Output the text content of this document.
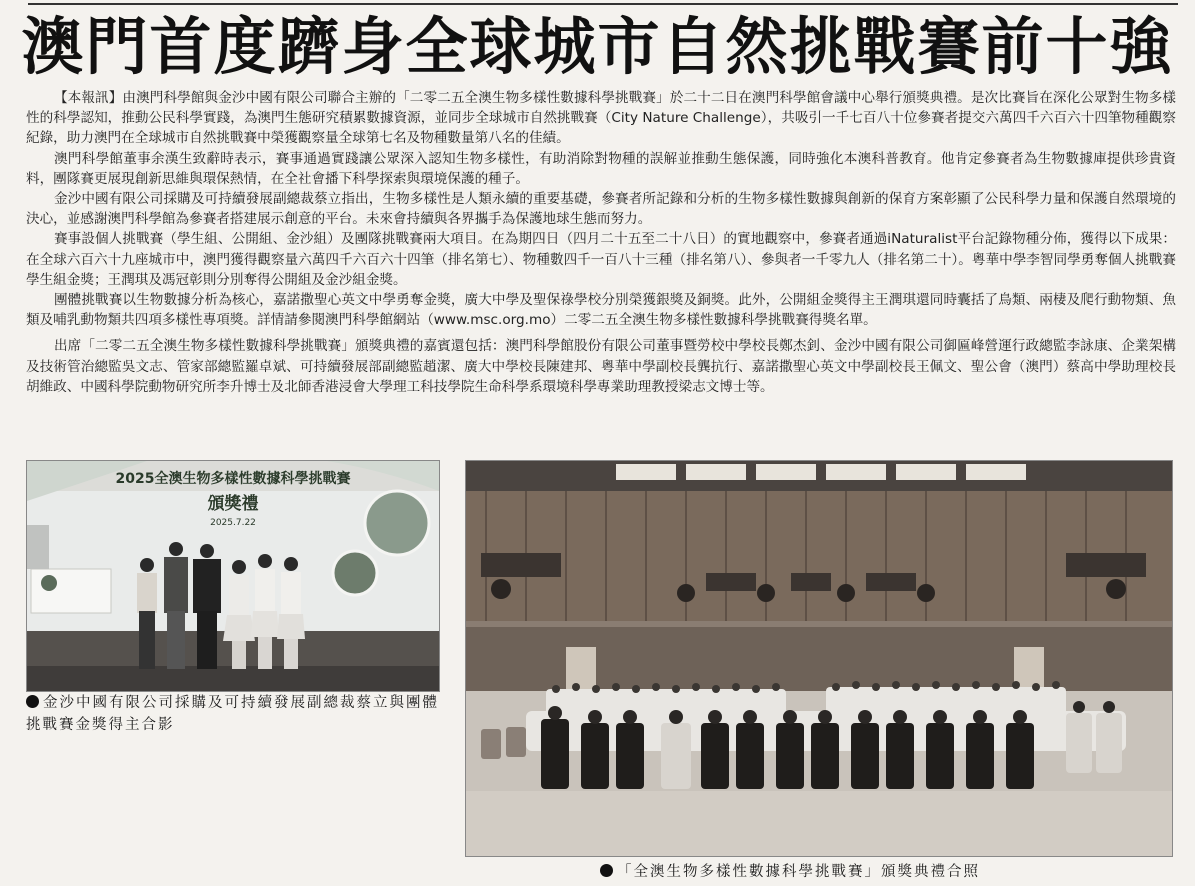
澳門首度躋身全球城市自然挑戰賽前十強

【本報訊】由澳門科學館與金沙中國有限公司聯合主辦的「二零二五全澳生物多樣性數據科學挑戰賽」於二十二日在澳門科學館會議中心舉行頒獎典禮。是次比賽旨在深化公眾對生物多樣性的科學認知，推動公民科學實踐，為澳門生態研究積累數據資源，並同步全球城市自然挑戰賽（City Nature Challenge），共吸引一千七百八十位參賽者提交六萬四千六百六十四筆物種觀察紀錄，助力澳門在全球城市自然挑戰賽中榮獲觀察量全球第七名及物種數量第八名的佳績。

澳門科學館董事余漢生致辭時表示，賽事通過實踐讓公眾深入認知生物多樣性，有助消除對物種的誤解並推動生態保護，同時強化本澳科普教育。他肯定參賽者為生物數據庫提供珍貴資料，團隊賽更展現創新思維與環保熱情，在全社會播下科學探索與環境保護的種子。

金沙中國有限公司採購及可持續發展副總裁蔡立指出，生物多樣性是人類永續的重要基礎，參賽者所記錄和分析的生物多樣性數據與創新的保育方案彰顯了公民科學力量和保護自然環境的決心，並感謝澳門科學館為參賽者搭建展示創意的平台。未來會持續與各界攜手為保護地球生態而努力。

賽事設個人挑戰賽（學生組、公開組、金沙組）及團隊挑戰賽兩大項目。在為期四日（四月二十五至二十八日）的實地觀察中，參賽者通過iNaturalist平台記錄物種分佈，獲得以下成果：在全球六百六十九座城市中，澳門獲得觀察量六萬四千六百六十四筆（排名第七）、物種數四千一百八十三種（排名第八）、參與者一千零九人（排名第二十）。粵華中學李智同學勇奪個人挑戰賽學生組金獎；王潤琪及馮冠彰則分別奪得公開組及金沙組金獎。

團體挑戰賽以生物數據分析為核心，嘉諾撒聖心英文中學勇奪金獎，廣大中學及聖保祿學校分別榮獲銀獎及銅獎。此外，公開組金獎得主王潤琪還同時囊括了鳥類、兩棲及爬行動物類、魚類及哺乳動物類共四項多樣性專項獎。詳情請參閱澳門科學館網站（www.msc.org.mo）二零二五全澳生物多樣性數據科學挑戰賽得獎名單。

出席「二零二五全澳生物多樣性數據科學挑戰賽」頒獎典禮的嘉賓還包括：澳門科學館股份有限公司董事暨勞校中學校長鄭杰釗、金沙中國有限公司御匾峰營運行政總監李詠康、企業架構及技術管治總監吳文志、管家部總監羅卓斌、可持續發展部副總監趙潔、廣大中學校長陳建邦、粵華中學副校長龔抗行、嘉諾撒聖心英文中學副校長王佩文、聖公會（澳門）蔡高中學助理校長胡維政、中國科學院動物研究所李升博士及北師香港浸會大學理工科技學院生命科學系環境科學專業助理教授梁志文博士等。

2025全澳生物多樣性數據科學挑戰賽
頒獎禮
2025.7.22
金沙中國有限公司採購及可持續發展副總裁蔡立與團體挑戰賽金獎得主合影
「全澳生物多樣性數據科學挑戰賽」頒獎典禮合照
